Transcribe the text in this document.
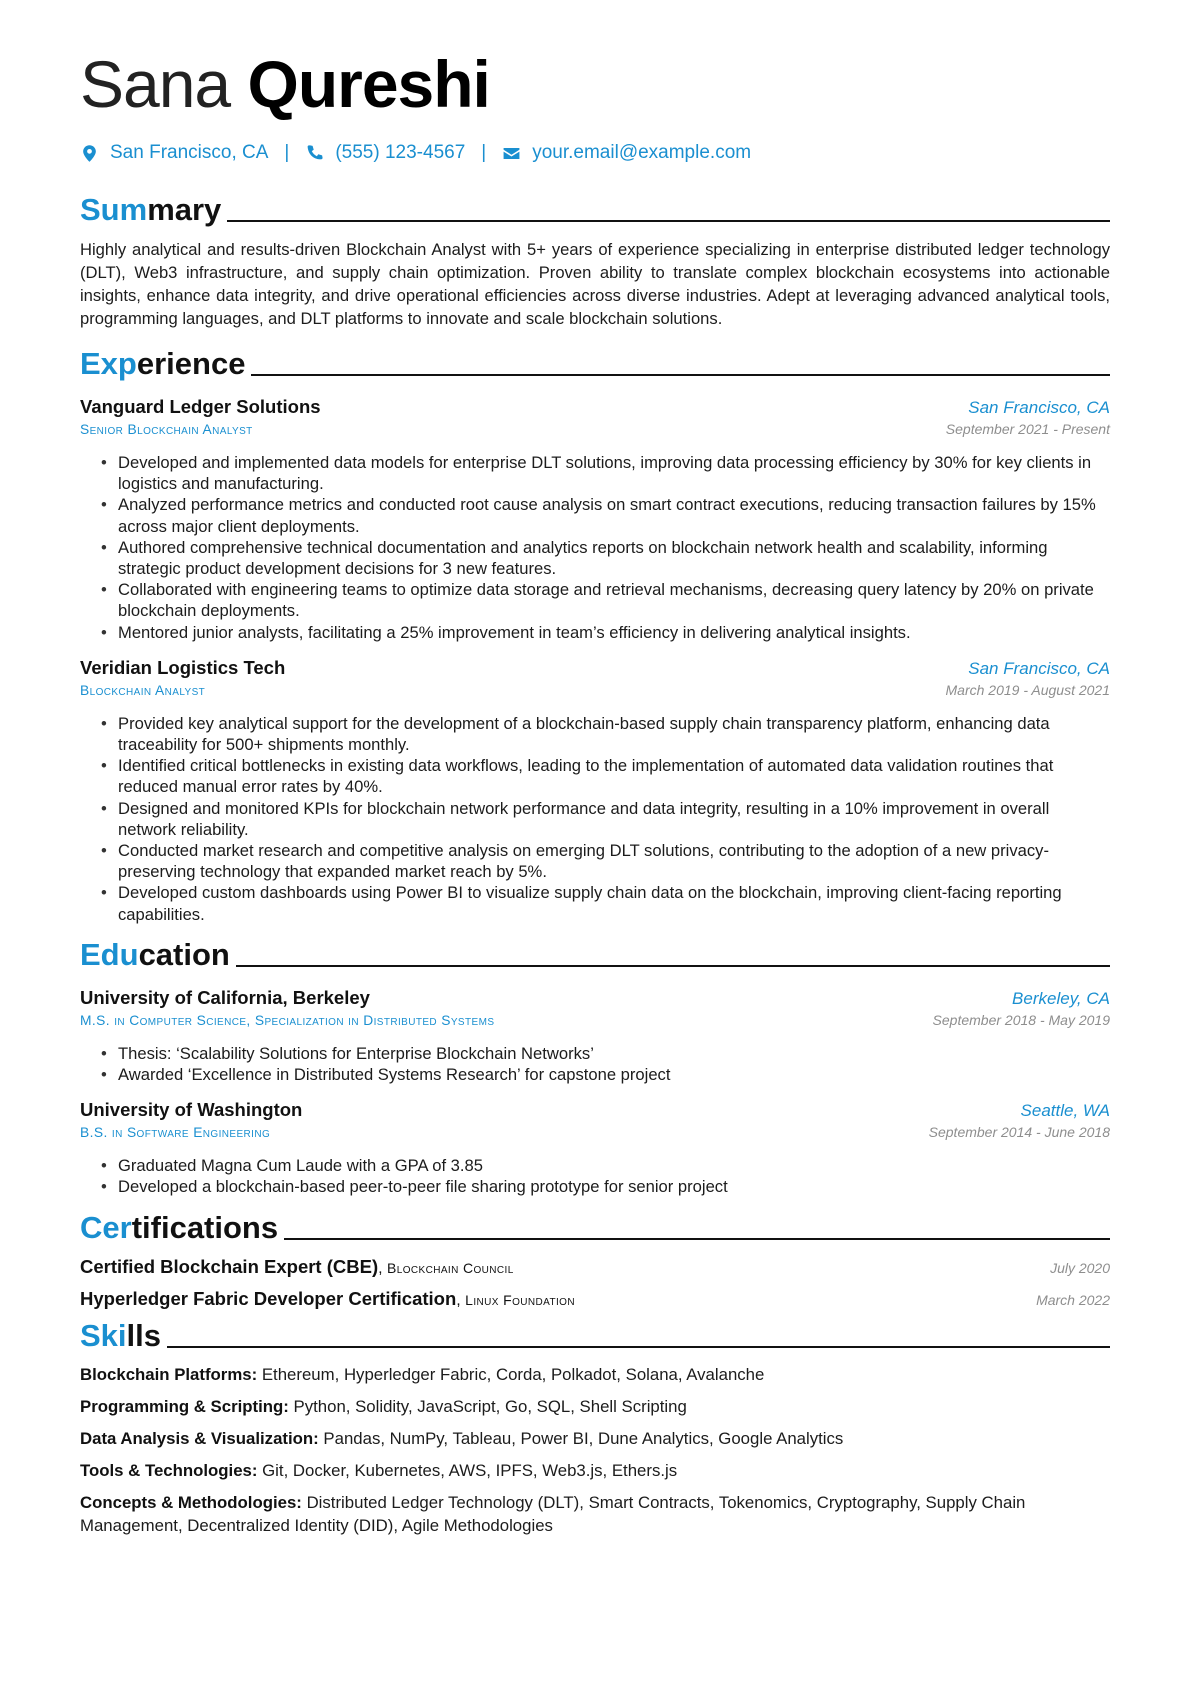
Sana Qureshi
San Francisco, CA | (555) 123-4567 | your.email@example.com
Summary
Highly analytical and results-driven Blockchain Analyst with 5+ years of experience specializing in enterprise distributed ledger technology (DLT), Web3 infrastructure, and supply chain optimization. Proven ability to translate complex blockchain ecosystems into actionable insights, enhance data integrity, and drive operational efficiencies across diverse industries. Adept at leveraging advanced analytical tools, programming languages, and DLT platforms to innovate and scale blockchain solutions.
Experience
Vanguard Ledger Solutions	San Francisco, CA
Senior Blockchain Analyst	September 2021 - Present
• Developed and implemented data models for enterprise DLT solutions, improving data processing efficiency by 30% for key clients in logistics and manufacturing.
• Analyzed performance metrics and conducted root cause analysis on smart contract executions, reducing transaction failures by 15% across major client deployments.
• Authored comprehensive technical documentation and analytics reports on blockchain network health and scalability, informing strategic product development decisions for 3 new features.
• Collaborated with engineering teams to optimize data storage and retrieval mechanisms, decreasing query latency by 20% on private blockchain deployments.
• Mentored junior analysts, facilitating a 25% improvement in team’s efficiency in delivering analytical insights.
Veridian Logistics Tech	San Francisco, CA
Blockchain Analyst	March 2019 - August 2021
• Provided key analytical support for the development of a blockchain-based supply chain transparency platform, enhancing data traceability for 500+ shipments monthly.
• Identified critical bottlenecks in existing data workflows, leading to the implementation of automated data validation routines that reduced manual error rates by 40%.
• Designed and monitored KPIs for blockchain network performance and data integrity, resulting in a 10% improvement in overall network reliability.
• Conducted market research and competitive analysis on emerging DLT solutions, contributing to the adoption of a new privacy-preserving technology that expanded market reach by 5%.
• Developed custom dashboards using Power BI to visualize supply chain data on the blockchain, improving client-facing reporting capabilities.
Education
University of California, Berkeley	Berkeley, CA
M.S. in Computer Science, Specialization in Distributed Systems	September 2018 - May 2019
• Thesis: ‘Scalability Solutions for Enterprise Blockchain Networks’
• Awarded ‘Excellence in Distributed Systems Research’ for capstone project
University of Washington	Seattle, WA
B.S. in Software Engineering	September 2014 - June 2018
• Graduated Magna Cum Laude with a GPA of 3.85
• Developed a blockchain-based peer-to-peer file sharing prototype for senior project
Certifications
Certified Blockchain Expert (CBE), Blockchain Council	July 2020
Hyperledger Fabric Developer Certification, Linux Foundation	March 2022
Skills
Blockchain Platforms: Ethereum, Hyperledger Fabric, Corda, Polkadot, Solana, Avalanche
Programming & Scripting: Python, Solidity, JavaScript, Go, SQL, Shell Scripting
Data Analysis & Visualization: Pandas, NumPy, Tableau, Power BI, Dune Analytics, Google Analytics
Tools & Technologies: Git, Docker, Kubernetes, AWS, IPFS, Web3.js, Ethers.js
Concepts & Methodologies: Distributed Ledger Technology (DLT), Smart Contracts, Tokenomics, Cryptography, Supply Chain Management, Decentralized Identity (DID), Agile Methodologies
